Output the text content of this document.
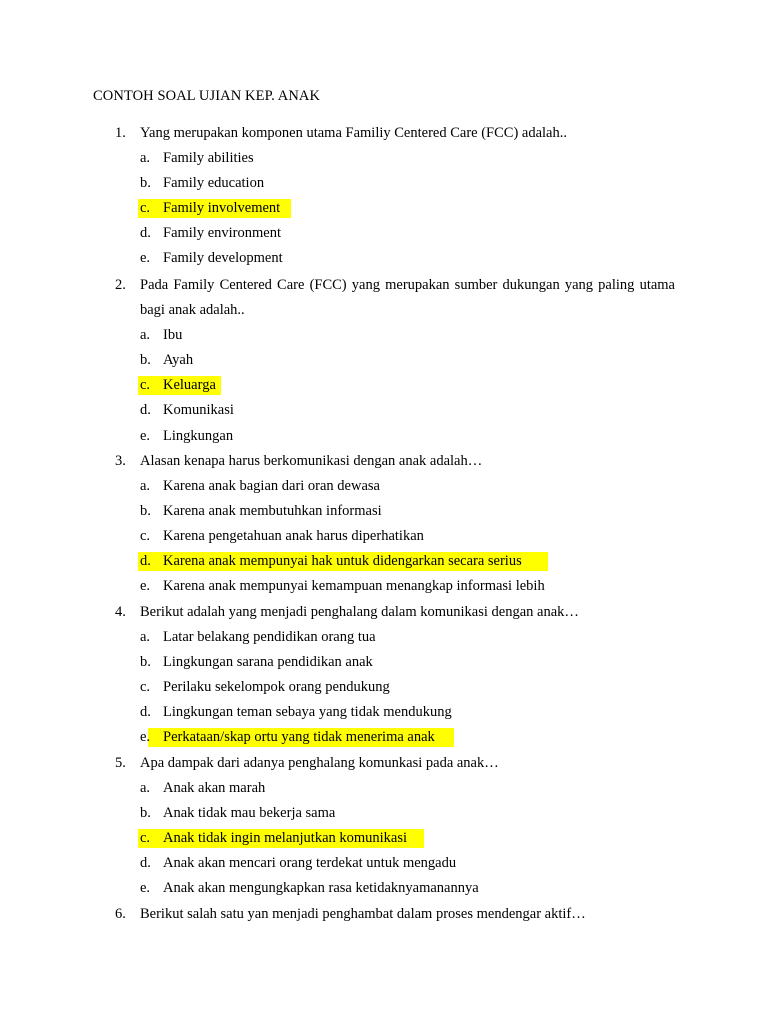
CONTOH SOAL UJIAN KEP. ANAK
1. Yang merupakan komponen utama Familiy Centered Care (FCC) adalah..
a. Family abilities
b. Family education
c. Family involvement
d. Family environment
e. Family development
2. Pada Family Centered Care (FCC) yang merupakan sumber dukungan yang paling utama bagi anak adalah..
a. Ibu
b. Ayah
c. Keluarga
d. Komunikasi
e. Lingkungan
3. Alasan kenapa harus berkomunikasi dengan anak adalah…
a. Karena anak bagian dari oran dewasa
b. Karena anak membutuhkan informasi
c. Karena pengetahuan anak harus diperhatikan
d. Karena anak mempunyai hak untuk didengarkan secara serius
e. Karena anak mempunyai kemampuan menangkap informasi lebih
4. Berikut adalah yang menjadi penghalang dalam komunikasi dengan anak…
a. Latar belakang pendidikan orang tua
b. Lingkungan sarana pendidikan anak
c. Perilaku sekelompok orang pendukung
d. Lingkungan teman sebaya yang tidak mendukung
e. Perkataan/skap ortu yang tidak menerima anak
5. Apa dampak dari adanya penghalang komunkasi pada anak…
a. Anak akan marah
b. Anak tidak mau bekerja sama
c. Anak tidak ingin melanjutkan komunikasi
d. Anak akan mencari orang terdekat untuk mengadu
e. Anak akan mengungkapkan rasa ketidaknyamanannya
6. Berikut salah satu yan menjadi penghambat dalam proses mendengar aktif…
